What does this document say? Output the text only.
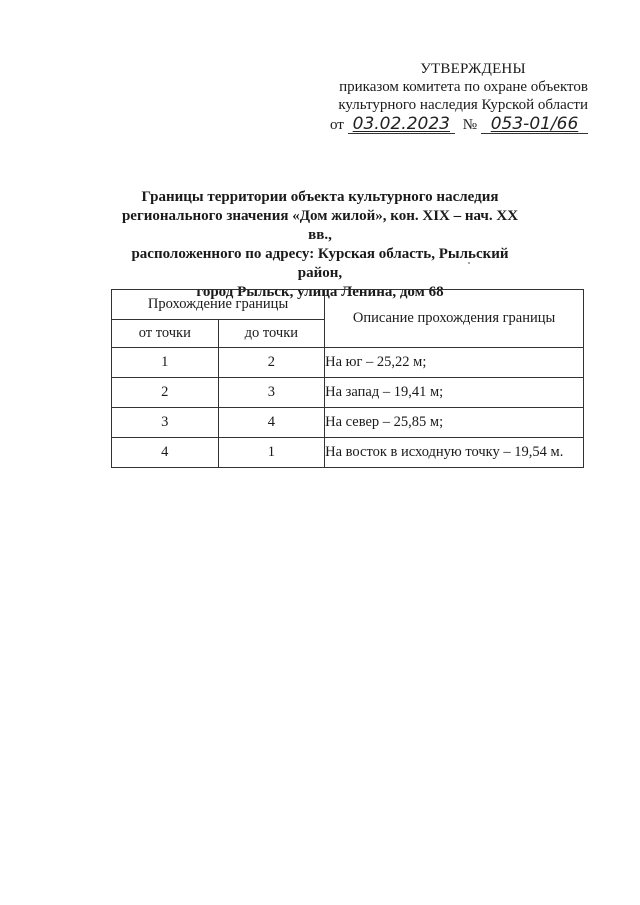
УТВЕРЖДЕНЫ
приказом комитета по охране объектов
культурного наследия Курской области
от 03.02.2023 № 053-01/66
Границы территории объекта культурного наследия
регионального значения «Дом жилой», кон. XIX – нач. XX вв.,
расположенного по адресу: Курская область, Рыльский район,
город Рыльск, улица Ленина, дом 68
Прохождение границы		Описание прохождения границы
от точки	до точки	
1	2	На юг – 25,22 м;
2	3	На запад – 19,41 м;
3	4	На север – 25,85 м;
4	1	На восток в исходную точку – 19,54 м.
